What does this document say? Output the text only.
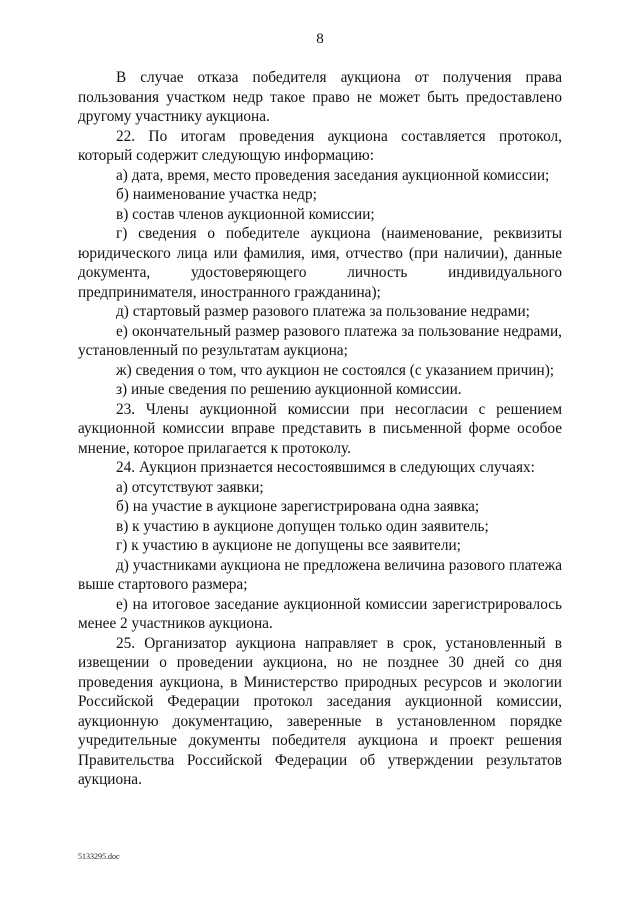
8

В случае отказа победителя аукциона от получения права пользования участком недр такое право не может быть предоставлено другому участнику аукциона.

22. По итогам проведения аукциона составляется протокол, который содержит следующую информацию:

а) дата, время, место проведения заседания аукционной комиссии;

б) наименование участка недр;

в) состав членов аукционной комиссии;

г) сведения о победителе аукциона (наименование, реквизиты юридического лица или фамилия, имя, отчество (при наличии), данные документа, удостоверяющего личность индивидуального предпринимателя, иностранного гражданина);

д) стартовый размер разового платежа за пользование недрами;

е) окончательный размер разового платежа за пользование недрами, установленный по результатам аукциона;

ж) сведения о том, что аукцион не состоялся (с указанием причин);

з) иные сведения по решению аукционной комиссии.

23. Члены аукционной комиссии при несогласии с решением аукционной комиссии вправе представить в письменной форме особое мнение, которое прилагается к протоколу.

24. Аукцион признается несостоявшимся в следующих случаях:

а) отсутствуют заявки;

б) на участие в аукционе зарегистрирована одна заявка;

в) к участию в аукционе допущен только один заявитель;

г) к участию в аукционе не допущены все заявители;

д) участниками аукциона не предложена величина разового платежа выше стартового размера;

е) на итоговое заседание аукционной комиссии зарегистрировалось менее 2 участников аукциона.

25. Организатор аукциона направляет в срок, установленный в извещении о проведении аукциона, но не позднее 30 дней со дня проведения аукциона, в Министерство природных ресурсов и экологии Российской Федерации протокол заседания аукционной комиссии, аукционную документацию, заверенные в установленном порядке учредительные документы победителя аукциона и проект решения Правительства Российской Федерации об утверждении результатов аукциона.

5133295.doc
